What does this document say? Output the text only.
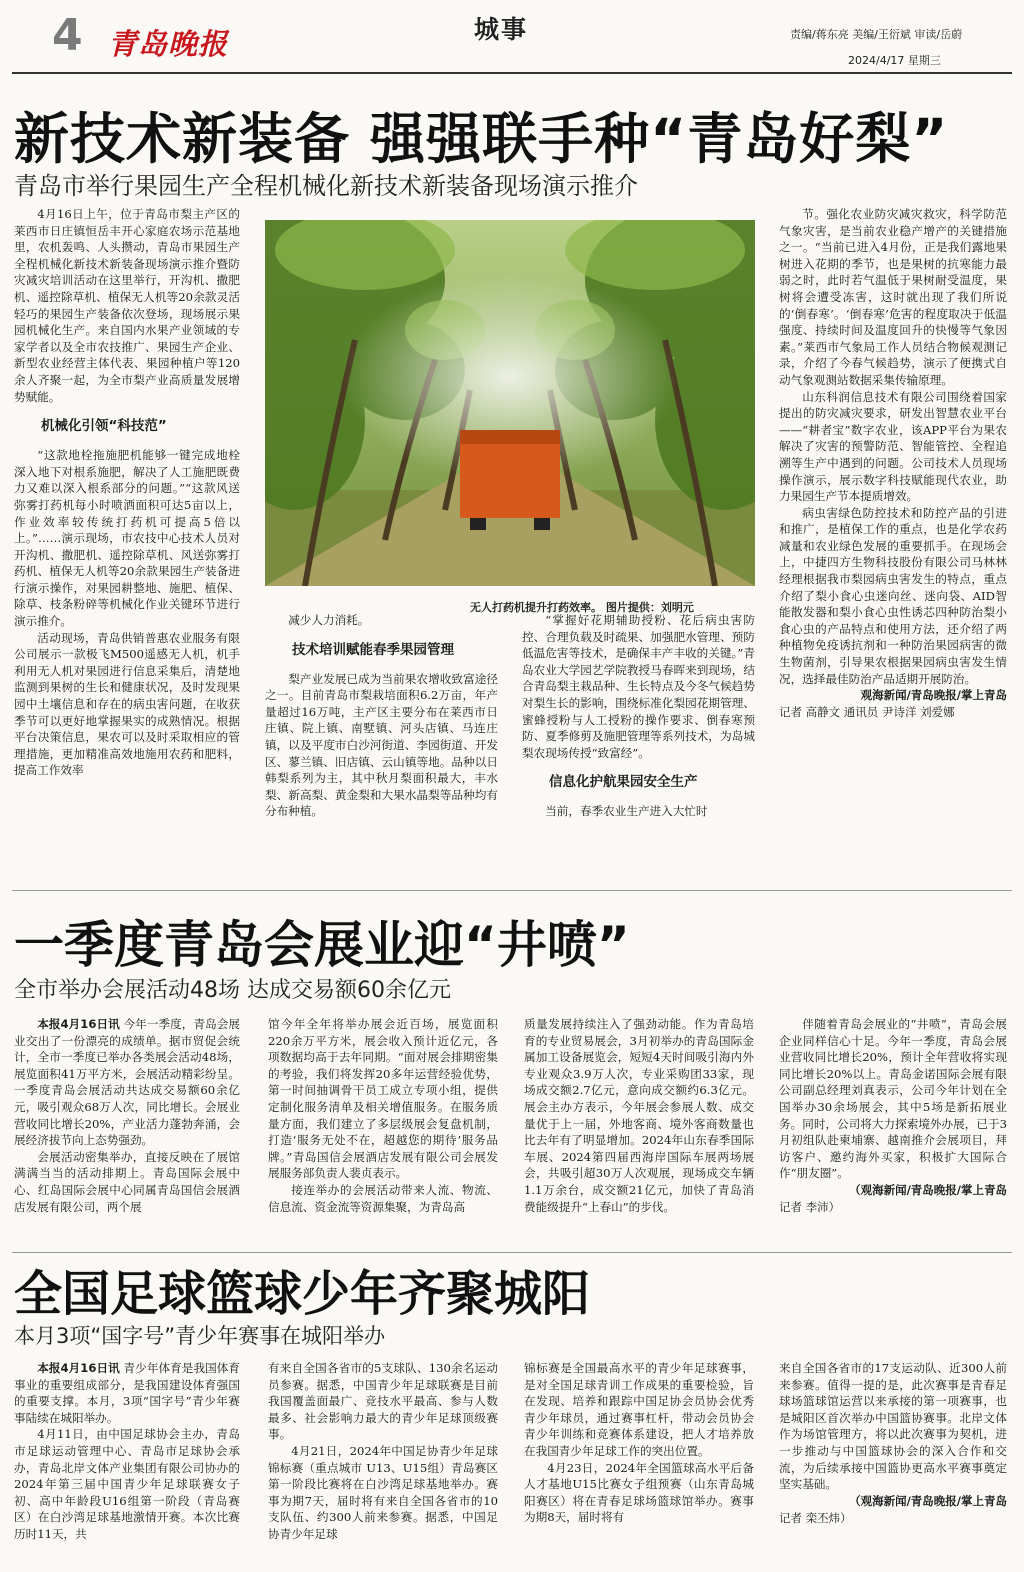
4 青岛晚报	城事	责编/蒋东亮 美编/王衍斌 审读/岳蔚
2024/4/17 星期三
新技术新装备 强强联手种“青岛好梨”
青岛市举行果园生产全程机械化新技术新装备现场演示推介

4月16日上午，位于青岛市梨主产区的莱西市日庄镇恒岳丰开心家庭农场示范基地里，农机轰鸣、人头攒动，青岛市果园生产全程机械化新技术新装备现场演示推介暨防灾减灾培训活动在这里举行，开沟机、撒肥机、遥控除草机、植保无人机等20余款灵活轻巧的果园生产装备依次登场，现场展示果园机械化生产。来自国内水果产业领域的专家学者以及全市农技推广、果园生产企业、新型农业经营主体代表、果园种植户等120余人齐聚一起，为全市梨产业高质量发展增势赋能。

机械化引领“科技范”

“这款地栓拖施肥机能够一键完成地栓深入地下对根系施肥，解决了人工施肥既费力又难以深入根系部分的问题。”“这款风送弥雾打药机每小时喷洒面积可达5亩以上，作业效率较传统打药机可提高5倍以上。”……演示现场，市农技中心技术人员对开沟机、撒肥机、遥控除草机、风送弥雾打药机、植保无人机等20余款果园生产装备进行演示操作，对果园耕整地、施肥、植保、除草、枝条粉碎等机械化作业关键环节进行演示推介。

活动现场，青岛供销普惠农业服务有限公司展示一款极飞M500遥感无人机，机手利用无人机对果园进行信息采集后，清楚地监测到果树的生长和健康状况，及时发现果园中土壤信息和存在的病虫害问题，在收获季节可以更好地掌握果实的成熟情况。根据平台决策信息，果农可以及时采取相应的管理措施，更加精准高效地施用农药和肥料，提高工作效率

无人打药机提升打药效率。 图片提供：刘明元

减少人力消耗。

技术培训赋能春季果园管理

梨产业发展已成为当前果农增收致富途径之一。目前青岛市梨栽培面积6.2万亩，年产量超过16万吨，主产区主要分布在莱西市日庄镇、院上镇、南墅镇、河头店镇、马连庄镇，以及平度市白沙河街道、李园街道、开发区、蓼兰镇、旧店镇、云山镇等地。品种以日韩梨系列为主，其中秋月梨面积最大，丰水梨、新高梨、黄金梨和大果水晶梨等品种均有分布种植。

“掌握好花期辅助授粉、花后病虫害防控、合理负载及时疏果、加强肥水管理、预防低温危害等技术，是确保丰产丰收的关键。”青岛农业大学园艺学院教授马春晖来到现场，结合青岛梨主栽品种、生长特点及今冬气候趋势对梨生长的影响，围绕标准化梨园花期管理、蜜蜂授粉与人工授粉的操作要求、倒春寒预防、夏季修剪及施肥管理等系列技术，为岛城梨农现场传授“致富经”。

信息化护航果园安全生产

当前，春季农业生产进入大忙时

节。强化农业防灾减灾救灾，科学防范气象灾害，是当前农业稳产增产的关键措施之一。“当前已进入4月份，正是我们露地果树进入花期的季节，也是果树的抗寒能力最弱之时，此时若气温低于果树耐受温度，果树将会遭受冻害，这时就出现了我们所说的‘倒春寒’。‘倒春寒’危害的程度取决于低温强度、持续时间及温度回升的快慢等气象因素。”莱西市气象局工作人员结合物候观测记录，介绍了今春气候趋势，演示了便携式自动气象观测站数据采集传输原理。

山东科润信息技术有限公司围绕着国家提出的防灾减灾要求，研发出智慧农业平台——“耕者宝”数字农业，该APP平台为果农解决了灾害的预警防范、智能管控、全程追溯等生产中遇到的问题。公司技术人员现场操作演示，展示数字科技赋能现代农业，助力果园生产节本提质增效。

病虫害绿色防控技术和防控产品的引进和推广，是植保工作的重点，也是化学农药减量和农业绿色发展的重要抓手。在现场会上，中捷四方生物科技股份有限公司马林林经理根据我市梨园病虫害发生的特点，重点介绍了梨小食心虫迷向丝、迷向袋、AID智能散发器和梨小食心虫性诱芯四种防治梨小食心虫的产品特点和使用方法，还介绍了两种植物免疫诱抗剂和一种防治果园病害的微生物菌剂，引导果农根据果园病虫害发生情况，选择最佳防治产品适期开展防治。

观海新闻/青岛晚报/掌上青岛
记者 高静文 通讯员 尹诗洋 刘爱娜
一季度青岛会展业迎“井喷”
全市举办会展活动48场 达成交易额60余亿元

本报4月16日讯 今年一季度，青岛会展业交出了一份漂亮的成绩单。据市贸促会统计，全市一季度已举办各类展会活动48场，展览面积41万平方米，会展活动精彩纷呈。一季度青岛会展活动共达成交易额60余亿元，吸引观众68万人次，同比增长。会展业营收同比增长20%，产业活力蓬勃奔涌，会展经济拔节向上态势强劲。

会展活动密集举办，直接反映在了展馆满满当当的活动排期上。青岛国际会展中心、红岛国际会展中心同属青岛国信会展酒店发展有限公司，两个展

馆今年全年将举办展会近百场，展览面积220余万平方米，展会收入预计近亿元，各项数据均高于去年同期。“面对展会排期密集的考验，我们将发挥20多年运营经验优势，第一时间抽调骨干员工成立专项小组，提供定制化服务清单及相关增值服务。在服务质量方面，我们建立了多层级展会复盘机制，打造‘服务无处不在，超越您的期待’服务品牌。”青岛国信会展酒店发展有限公司会展发展服务部负责人裴贞表示。

接连举办的会展活动带来人流、物流、信息流、资金流等资源集聚，为青岛高

质量发展持续注入了强劲动能。作为青岛培育的专业贸易展会，3月初举办的青岛国际金属加工设备展览会，短短4天时间吸引海内外专业观众3.9万人次，专业采购团33家，现场成交额2.7亿元，意向成交额约6.3亿元。展会主办方表示，今年展会参展人数、成交量优于上一届，外地客商、境外客商数量也比去年有了明显增加。2024年山东春季国际车展、2024第四届西海岸国际车展两场展会，共吸引超30万人次观展，现场成交车辆1.1万余台，成交额21亿元，加快了青岛消费能级提升“上春山”的步伐。

伴随着青岛会展业的“井喷”，青岛会展企业同样信心十足。今年一季度，青岛会展业营收同比增长20%，预计全年营收将实现同比增长20%以上。青岛金诺国际会展有限公司副总经理刘真表示，公司今年计划在全国举办30余场展会，其中5场是新拓展业务。同时，公司将大力探索境外办展，已于3月初组队赴柬埔寨、越南推介会展项目，拜访客户、邀约海外买家，积极扩大国际合作“朋友圈”。

（观海新闻/青岛晚报/掌上青岛
记者 李沛）
全国足球篮球少年齐聚城阳
本月3项“国字号”青少年赛事在城阳举办

本报4月16日讯 青少年体育是我国体育事业的重要组成部分，是我国建设体育强国的重要支撑。本月，3项“国字号”青少年赛事陆续在城阳举办。

4月11日，由中国足球协会主办，青岛市足球运动管理中心、青岛市足球协会承办，青岛北岸文体产业集团有限公司协办的2024年第三届中国青少年足球联赛女子初、高中年龄段U16组第一阶段（青岛赛区）在白沙湾足球基地激情开赛。本次比赛历时11天，共

有来自全国各省市的5支球队、130余名运动员参赛。据悉，中国青少年足球联赛是目前我国覆盖面最广、竞技水平最高、参与人数最多、社会影响力最大的青少年足球顶级赛事。

4月21日，2024年中国足协青少年足球锦标赛（重点城市 U13、U15组）青岛赛区第一阶段比赛将在白沙湾足球基地举办。赛事为期7天，届时将有来自全国各省市的10支队伍、约300人前来参赛。据悉，中国足协青少年足球

锦标赛是全国最高水平的青少年足球赛事，是对全国足球青训工作成果的重要检验，旨在发现、培养和跟踪中国足协会员协会优秀青少年球员，通过赛事杠杆，带动会员协会青少年训练和竞赛体系建设，把人才培养放在我国青少年足球工作的突出位置。

4月23日，2024年全国篮球高水平后备人才基地U15比赛女子组预赛（山东青岛城阳赛区）将在青春足球场篮球馆举办。赛事为期8天，届时将有

来自全国各省市的17支运动队、近300人前来参赛。值得一提的是，此次赛事是青春足球场篮球馆运营以来承接的第一项赛事，也是城阳区首次举办中国篮协赛事。北岸文体作为场馆管理方，将以此次赛事为契机，进一步推动与中国篮球协会的深入合作和交流，为后续承接中国篮协更高水平赛事奠定坚实基础。

（观海新闻/青岛晚报/掌上青岛
记者 栾丕炜）
